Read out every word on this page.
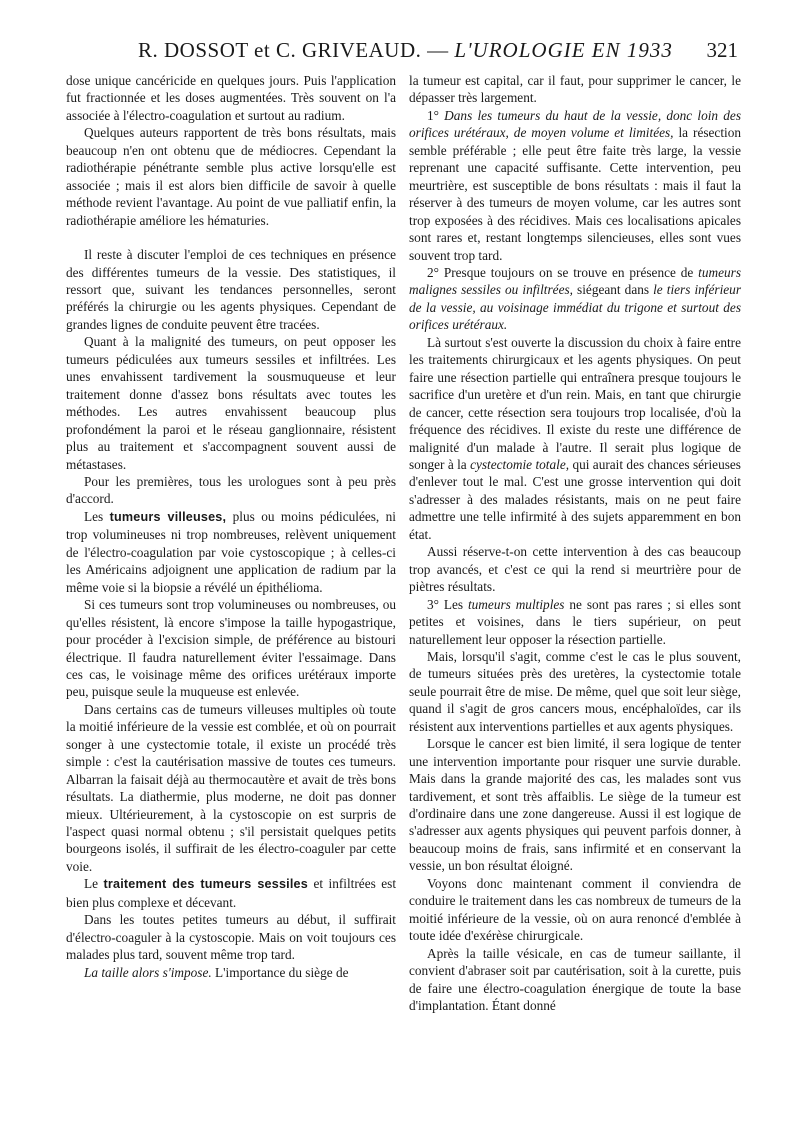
R. DOSSOT et C. GRIVEAUD. — L'UROLOGIE EN 1933 321

dose unique cancéricide en quelques jours. Puis l'application fut fractionnée et les doses augmentées. Très souvent on l'a associée à l'électro-coagulation et surtout au radium.

Quelques auteurs rapportent de très bons résultats, mais beaucoup n'en ont obtenu que de médiocres. Cependant la radiothérapie pénétrante semble plus active lorsqu'elle est associée ; mais il est alors bien difficile de savoir à quelle méthode revient l'avantage. Au point de vue palliatif enfin, la radiothérapie améliore les hématuries.

Il reste à discuter l'emploi de ces techniques en présence des différentes tumeurs de la vessie. Des statistiques, il ressort que, suivant les tendances personnelles, seront préférés la chirurgie ou les agents physiques. Cependant de grandes lignes de conduite peuvent être tracées.

Quant à la malignité des tumeurs, on peut opposer les tumeurs pédiculées aux tumeurs sessiles et infiltrées. Les unes envahissent tardivement la sousmuqueuse et leur traitement donne d'assez bons résultats avec toutes les méthodes. Les autres envahissent beaucoup plus profondément la paroi et le réseau ganglionnaire, résistent plus au traitement et s'accompagnent souvent aussi de métastases.

Pour les premières, tous les urologues sont à peu près d'accord.

Les tumeurs villeuses, plus ou moins pédiculées, ni trop volumineuses ni trop nombreuses, relèvent uniquement de l'électro-coagulation par voie cystoscopique ; à celles-ci les Américains adjoignent une application de radium par la même voie si la biopsie a révélé un épithélioma.

Si ces tumeurs sont trop volumineuses ou nombreuses, ou qu'elles résistent, là encore s'impose la taille hypogastrique, pour procéder à l'excision simple, de préférence au bistouri électrique. Il faudra naturellement éviter l'essaimage. Dans ces cas, le voisinage même des orifices urétéraux importe peu, puisque seule la muqueuse est enlevée.

Dans certains cas de tumeurs villeuses multiples où toute la moitié inférieure de la vessie est comblée, et où on pourrait songer à une cystectomie totale, il existe un procédé très simple : c'est la cautérisation massive de toutes ces tumeurs. Albarran la faisait déjà au thermocautère et avait de très bons résultats. La diathermie, plus moderne, ne doit pas donner mieux. Ultérieurement, à la cystoscopie on est surpris de l'aspect quasi normal obtenu ; s'il persistait quelques petits bourgeons isolés, il suffirait de les électro-coaguler par cette voie.

Le traitement des tumeurs sessiles et infiltrées est bien plus complexe et décevant.

Dans les toutes petites tumeurs au début, il suffirait d'électro-coaguler à la cystoscopie. Mais on voit toujours ces malades plus tard, souvent même trop tard.

La taille alors s'impose. L'importance du siège de

la tumeur est capital, car il faut, pour supprimer le cancer, le dépasser très largement.

1° Dans les tumeurs du haut de la vessie, donc loin des orifices urétéraux, de moyen volume et limitées, la résection semble préférable ; elle peut être faite très large, la vessie reprenant une capacité suffisante. Cette intervention, peu meurtrière, est susceptible de bons résultats : mais il faut la réserver à des tumeurs de moyen volume, car les autres sont trop exposées à des récidives. Mais ces localisations apicales sont rares et, restant longtemps silencieuses, elles sont vues souvent trop tard.

2° Presque toujours on se trouve en présence de tumeurs malignes sessiles ou infiltrées, siégeant dans le tiers inférieur de la vessie, au voisinage immédiat du trigone et surtout des orifices urétéraux.

Là surtout s'est ouverte la discussion du choix à faire entre les traitements chirurgicaux et les agents physiques. On peut faire une résection partielle qui entraînera presque toujours le sacrifice d'un uretère et d'un rein. Mais, en tant que chirurgie de cancer, cette résection sera toujours trop localisée, d'où la fréquence des récidives. Il existe du reste une différence de malignité d'un malade à l'autre. Il serait plus logique de songer à la cystectomie totale, qui aurait des chances sérieuses d'enlever tout le mal. C'est une grosse intervention qui doit s'adresser à des malades résistants, mais on ne peut faire admettre une telle infirmité à des sujets apparemment en bon état.

Aussi réserve-t-on cette intervention à des cas beaucoup trop avancés, et c'est ce qui la rend si meurtrière pour de piètres résultats.

3° Les tumeurs multiples ne sont pas rares ; si elles sont petites et voisines, dans le tiers supérieur, on peut naturellement leur opposer la résection partielle.

Mais, lorsqu'il s'agit, comme c'est le cas le plus souvent, de tumeurs situées près des uretères, la cystectomie totale seule pourrait être de mise. De même, quel que soit leur siège, quand il s'agit de gros cancers mous, encéphaloïdes, car ils résistent aux interventions partielles et aux agents physiques.

Lorsque le cancer est bien limité, il sera logique de tenter une intervention importante pour risquer une survie durable. Mais dans la grande majorité des cas, les malades sont vus tardivement, et sont très affaiblis. Le siège de la tumeur est d'ordinaire dans une zone dangereuse. Aussi il est logique de s'adresser aux agents physiques qui peuvent parfois donner, à beaucoup moins de frais, sans infirmité et en conservant la vessie, un bon résultat éloigné.

Voyons donc maintenant comment il conviendra de conduire le traitement dans les cas nombreux de tumeurs de la moitié inférieure de la vessie, où on aura renoncé d'emblée à toute idée d'exérèse chirurgicale.

Après la taille vésicale, en cas de tumeur saillante, il convient d'abraser soit par cautérisation, soit à la curette, puis de faire une électro-coagulation énergique de toute la base d'implantation. Étant donné
